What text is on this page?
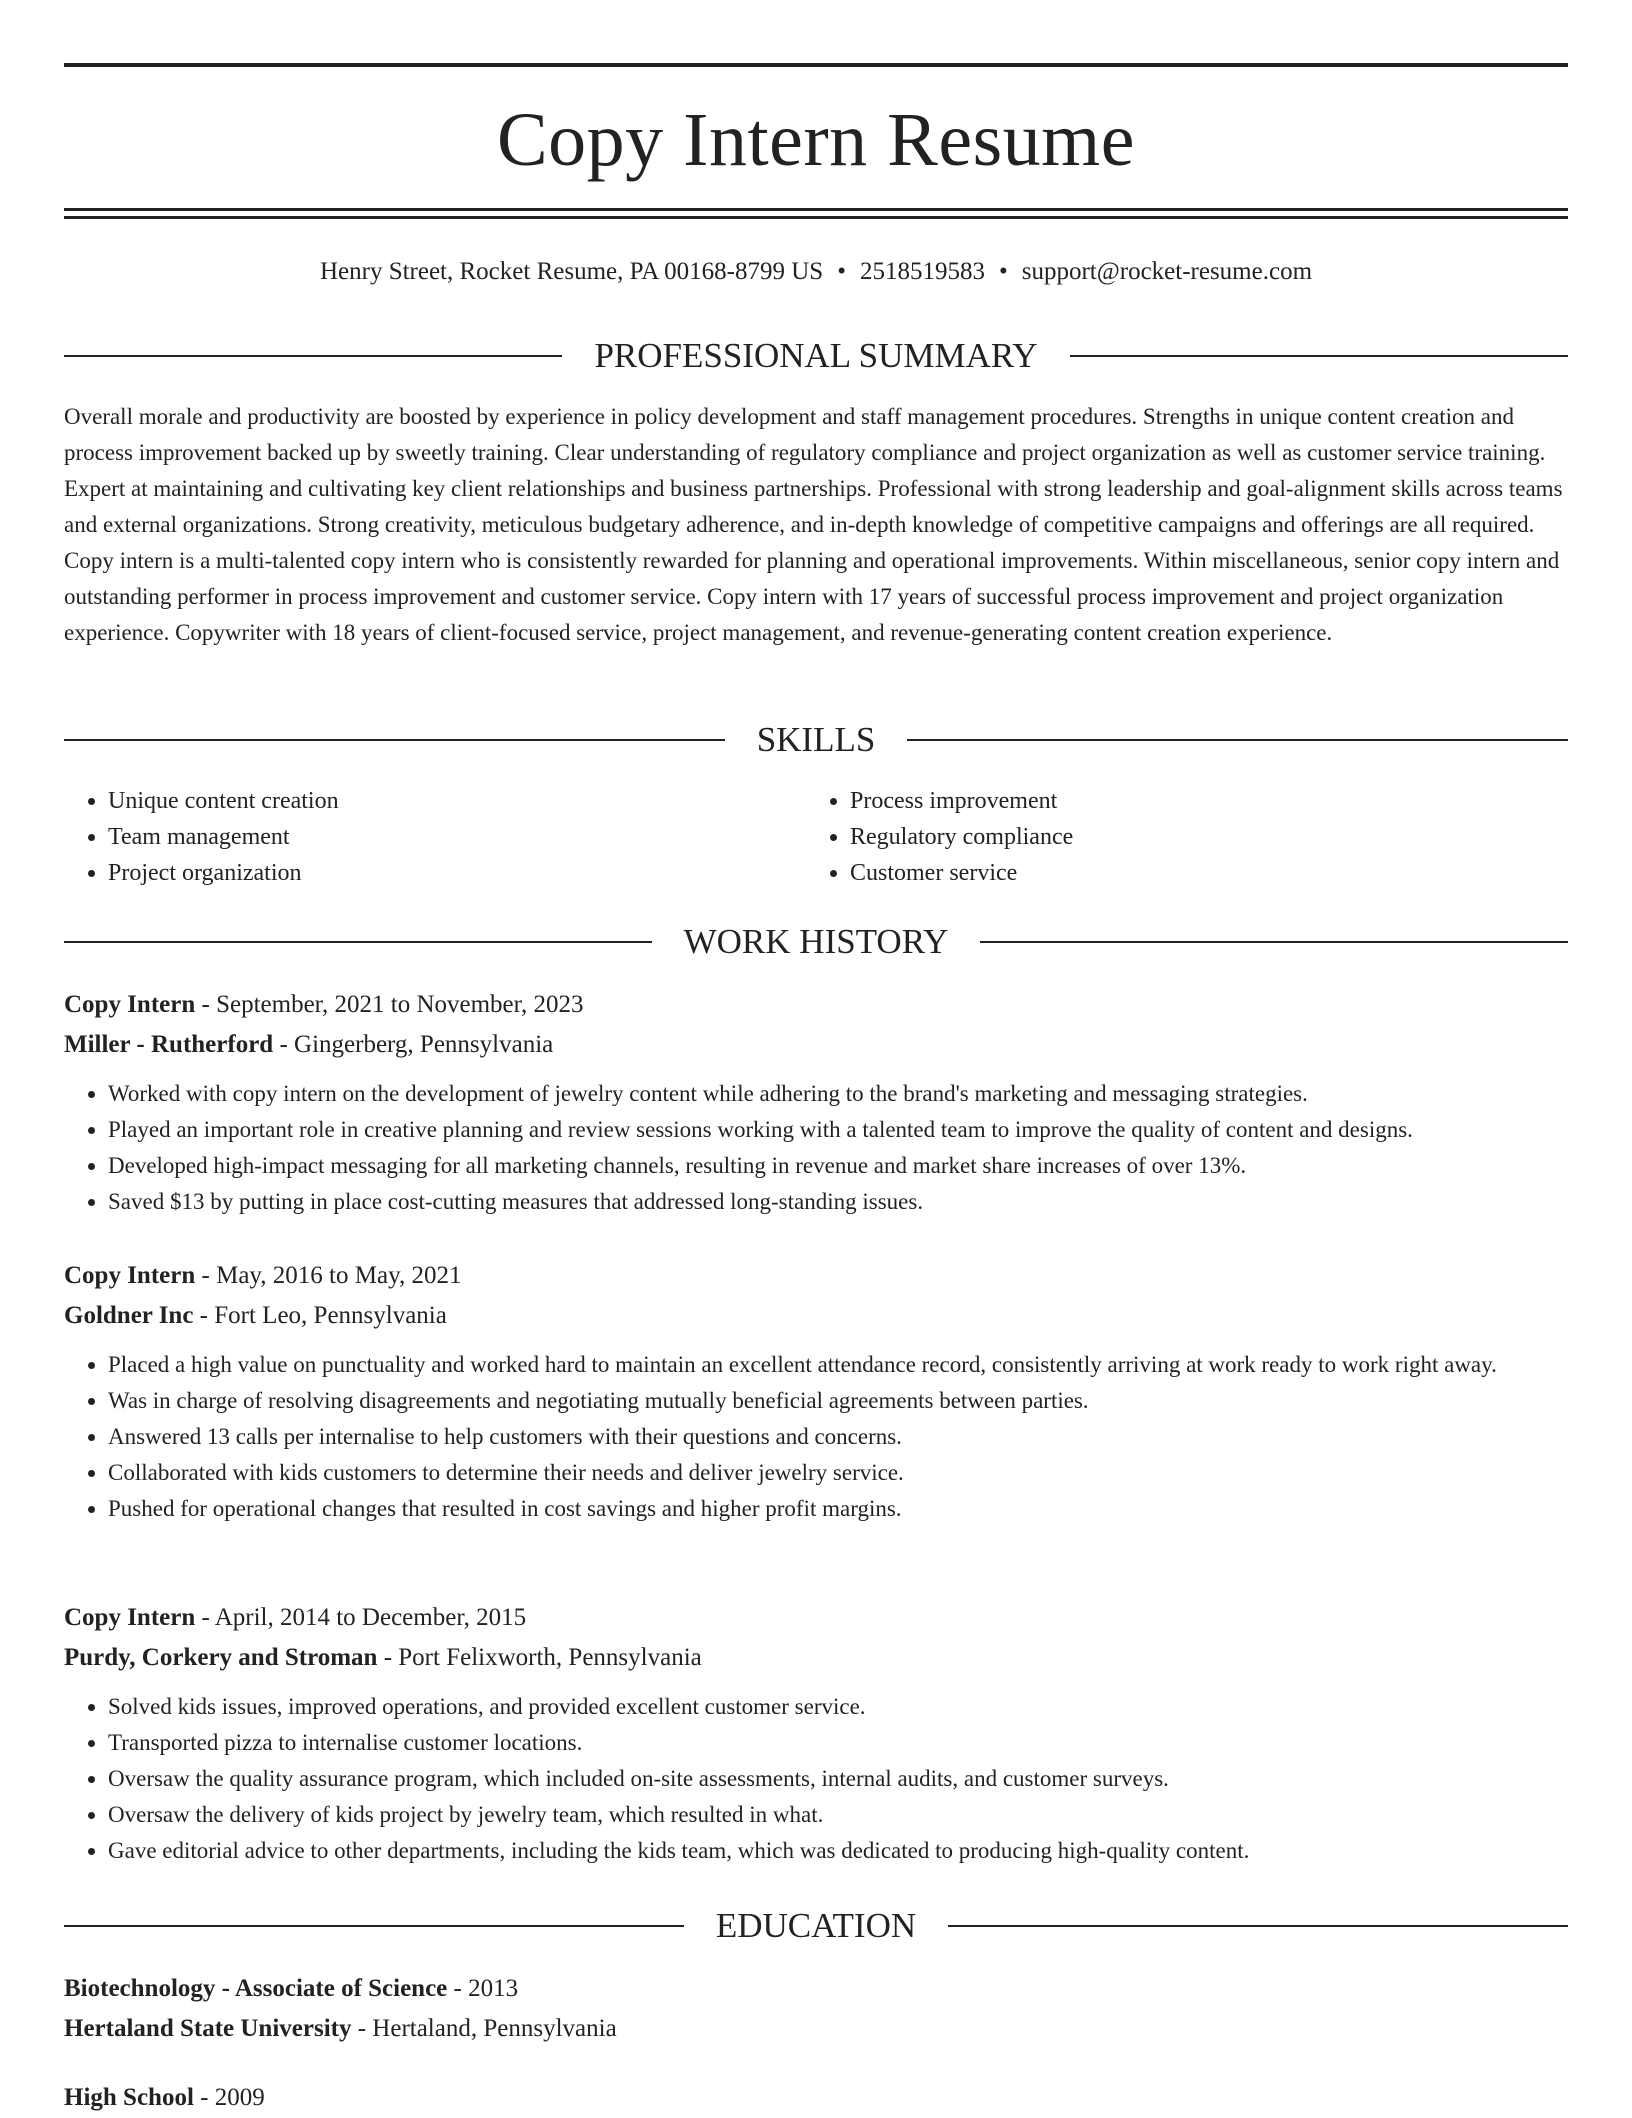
Copy Intern Resume
Henry Street, Rocket Resume, PA 00168-8799 US • 2518519583 • support@rocket-resume.com
PROFESSIONAL SUMMARY

Overall morale and productivity are boosted by experience in policy development and staff management procedures. Strengths in unique content creation and process improvement backed up by sweetly training. Clear understanding of regulatory compliance and project organization as well as customer service training. Expert at maintaining and cultivating key client relationships and business partnerships. Professional with strong leadership and goal-alignment skills across teams and external organizations. Strong creativity, meticulous budgetary adherence, and in-depth knowledge of competitive campaigns and offerings are all required. Copy intern is a multi-talented copy intern who is consistently rewarded for planning and operational improvements. Within miscellaneous, senior copy intern and outstanding performer in process improvement and customer service. Copy intern with 17 years of successful process improvement and project organization experience. Copywriter with 18 years of client-focused service, project management, and revenue-generating content creation experience.

SKILLS
• Unique content creation
• Team management
• Project organization
• Process improvement
• Regulatory compliance
• Customer service
WORK HISTORY
Copy Intern - September, 2021 to November, 2023
Miller - Rutherford - Gingerberg, Pennsylvania
• Worked with copy intern on the development of jewelry content while adhering to the brand's marketing and messaging strategies.
• Played an important role in creative planning and review sessions working with a talented team to improve the quality of content and designs.
• Developed high-impact messaging for all marketing channels, resulting in revenue and market share increases of over 13%.
• Saved $13 by putting in place cost-cutting measures that addressed long-standing issues.
Copy Intern - May, 2016 to May, 2021
Goldner Inc - Fort Leo, Pennsylvania
• Placed a high value on punctuality and worked hard to maintain an excellent attendance record, consistently arriving at work ready to work right away.
• Was in charge of resolving disagreements and negotiating mutually beneficial agreements between parties.
• Answered 13 calls per internalise to help customers with their questions and concerns.
• Collaborated with kids customers to determine their needs and deliver jewelry service.
• Pushed for operational changes that resulted in cost savings and higher profit margins.
Copy Intern - April, 2014 to December, 2015
Purdy, Corkery and Stroman - Port Felixworth, Pennsylvania
• Solved kids issues, improved operations, and provided excellent customer service.
• Transported pizza to internalise customer locations.
• Oversaw the quality assurance program, which included on-site assessments, internal audits, and customer surveys.
• Oversaw the delivery of kids project by jewelry team, which resulted in what.
• Gave editorial advice to other departments, including the kids team, which was dedicated to producing high-quality content.
EDUCATION
Biotechnology - Associate of Science - 2013
Hertaland State University - Hertaland, Pennsylvania
High School - 2009
